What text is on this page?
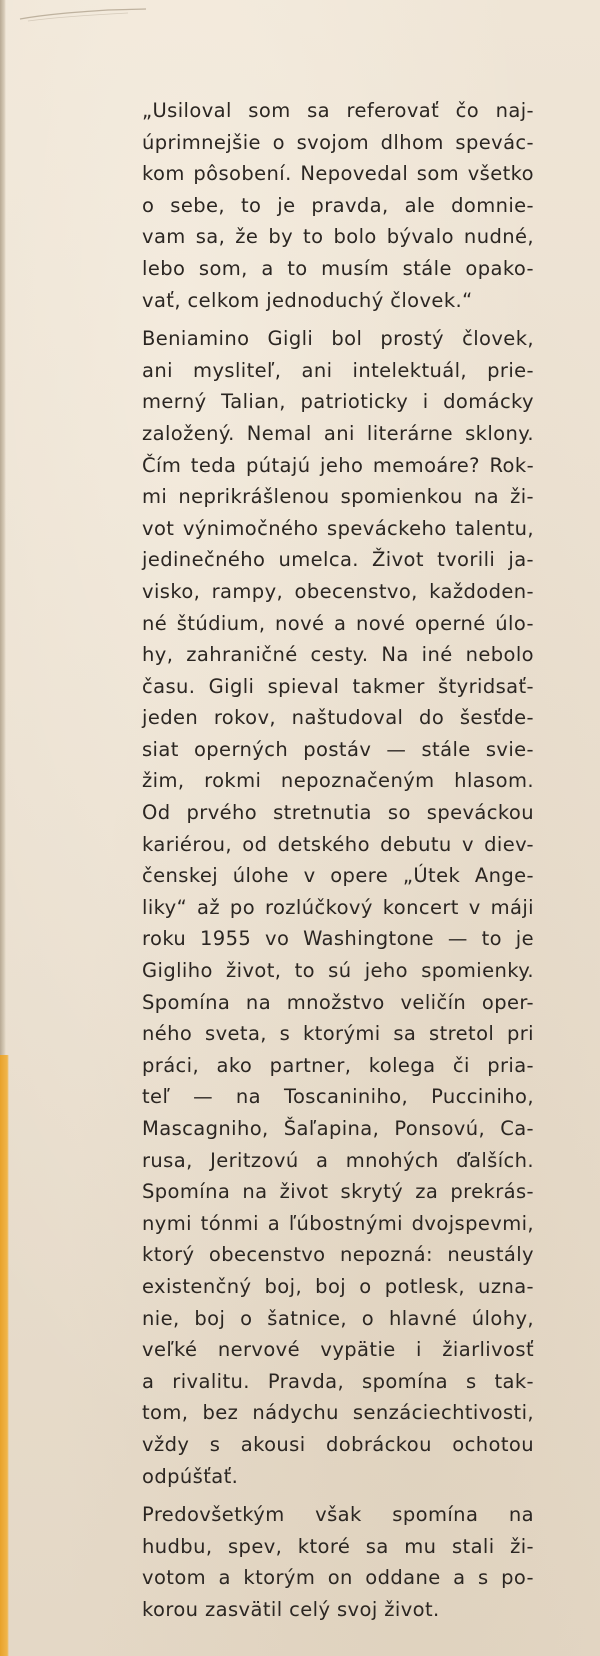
„Usiloval som sa referovať čo naj-
úprimnejšie o svojom dlhom spevác-
kom pôsobení. Nepovedal som všetko
o sebe, to je pravda, ale domnie-
vam sa, že by to bolo bývalo nudné,
lebo som, a to musím stále opako-
vať, celkom jednoduchý človek.“
Beniamino Gigli bol prostý človek,
ani mysliteľ, ani intelektuál, prie-
merný Talian, patrioticky i domácky
založený. Nemal ani literárne sklony.
Čím teda pútajú jeho memoáre? Rok-
mi neprikrášlenou spomienkou na ži-
vot výnimočného speváckeho talentu,
jedinečného umelca. Život tvorili ja-
visko, rampy, obecenstvo, každoden-
né štúdium, nové a nové operné úlo-
hy, zahraničné cesty. Na iné nebolo
času. Gigli spieval takmer štyridsať-
jeden rokov, naštudoval do šesťde-
siat operných postáv — stále svie-
žim, rokmi nepoznačeným hlasom.
Od prvého stretnutia so speváckou
kariérou, od detského debutu v diev-
čenskej úlohe v opere „Útek Ange-
liky“ až po rozlúčkový koncert v máji
roku 1955 vo Washingtone — to je
Gigliho život, to sú jeho spomienky.
Spomína na množstvo veličín oper-
ného sveta, s ktorými sa stretol pri
práci, ako partner, kolega či pria-
teľ — na Toscaniniho, Pucciniho,
Mascagniho, Šaľapina, Ponsovú, Ca-
rusa, Jeritzovú a mnohých ďalších.
Spomína na život skrytý za prekrás-
nymi tónmi a ľúbostnými dvojspevmi,
ktorý obecenstvo nepozná: neustály
existenčný boj, boj o potlesk, uzna-
nie, boj o šatnice, o hlavné úlohy,
veľké nervové vypätie i žiarlivosť
a rivalitu. Pravda, spomína s tak-
tom, bez nádychu senzáciechtivosti,
vždy s akousi dobráckou ochotou
odpúšťať.
Predovšetkým však spomína na
hudbu, spev, ktoré sa mu stali ži-
votom a ktorým on oddane a s po-
korou zasvätil celý svoj život.
